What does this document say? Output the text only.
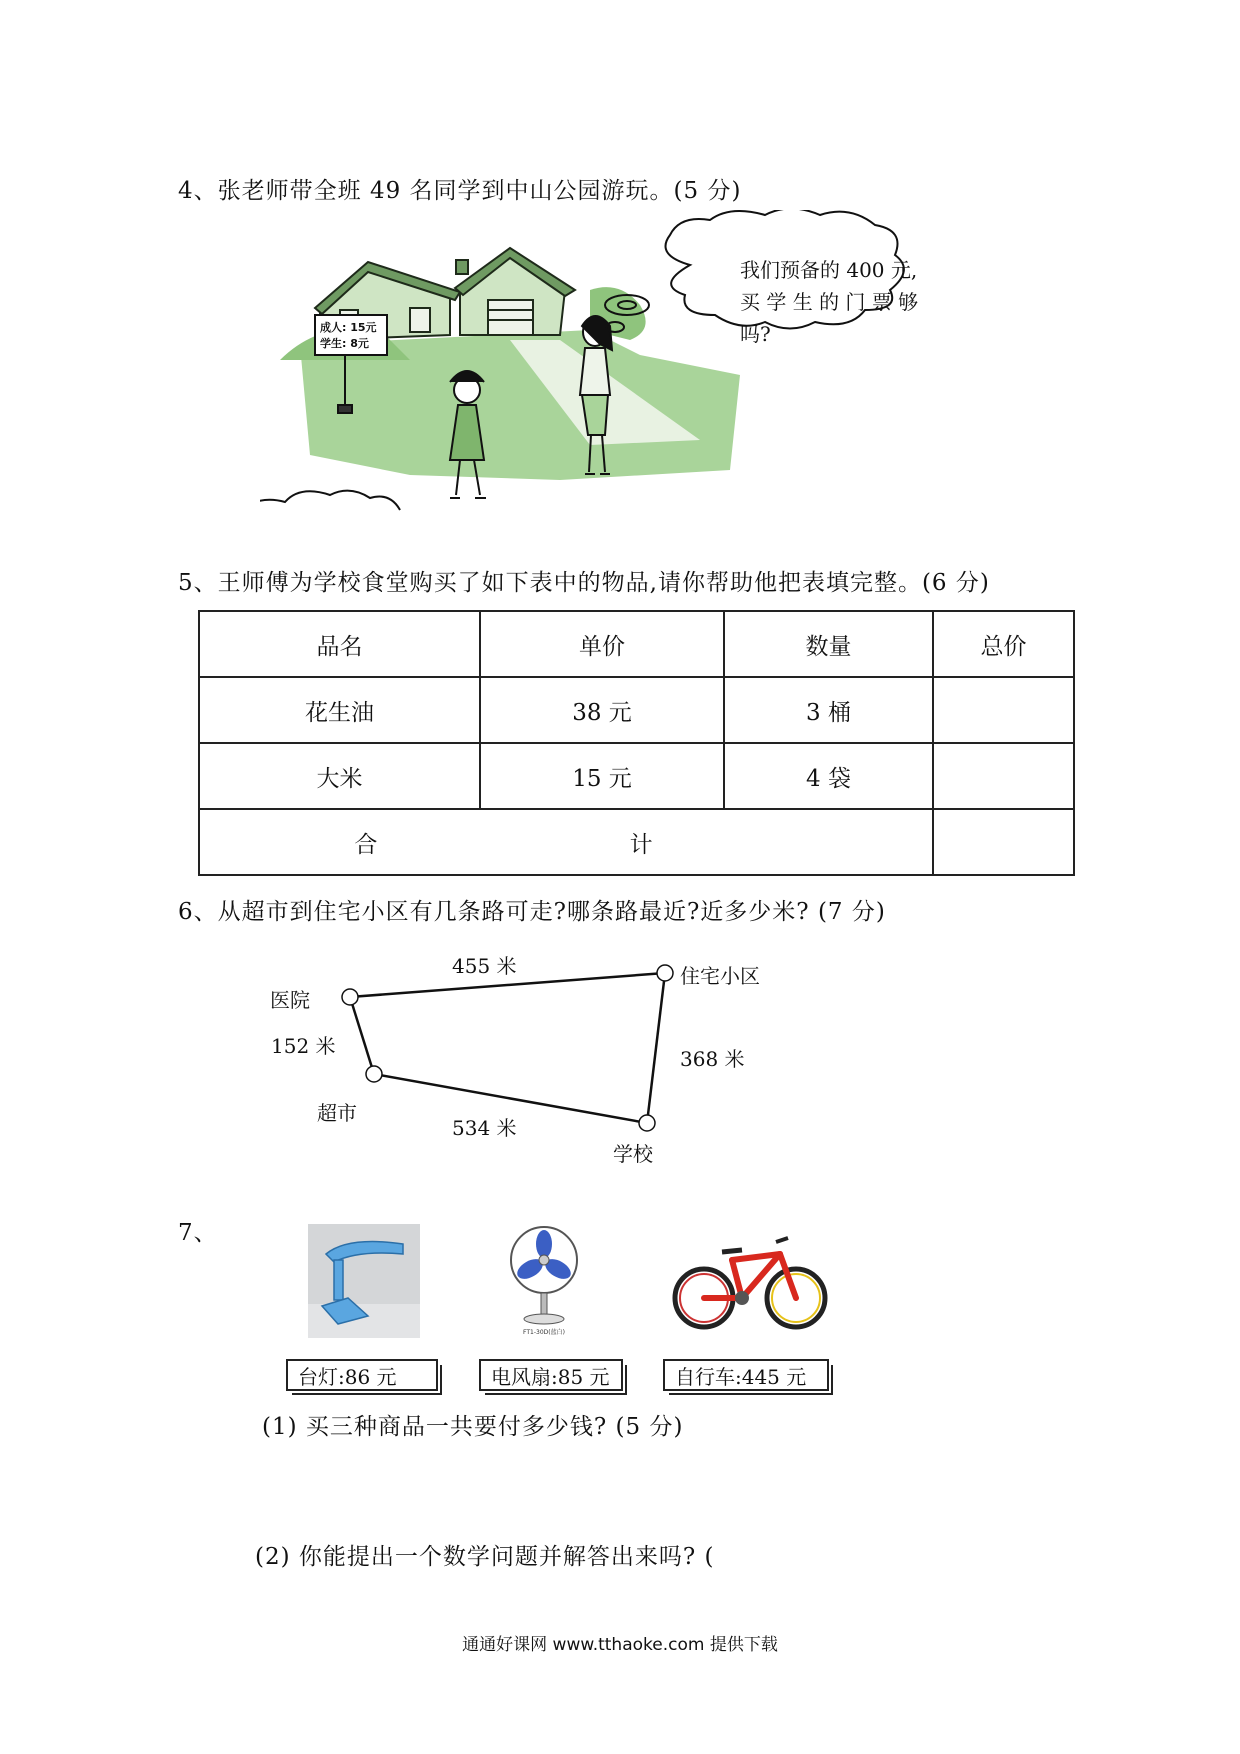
4、张老师带全班 49 名同学到中山公园游玩。(5 分)
成人: 15元
学生: 8元
我们预备的 400 元,
买 学 生 的 门 票 够
吗?
5、王师傅为学校食堂购买了如下表中的物品,请你帮助他把表填完整。(6 分)
品名	单价	数量	总价
花生油	38 元	3 桶	
大米	15 元	4 袋	
合 计			
6、从超市到住宅小区有几条路可走?哪条路最近?近多少米? (7 分)
医院
住宅小区
超市
学校
455 米
152 米
368 米
534 米
7、
FT1-30D(蓝白)
台灯:86 元	电风扇:85 元	自行车:445 元
(1) 买三种商品一共要付多少钱? (5 分)
(2) 你能提出一个数学问题并解答出来吗? (
通通好课网 www.tthaoke.com 提供下载
